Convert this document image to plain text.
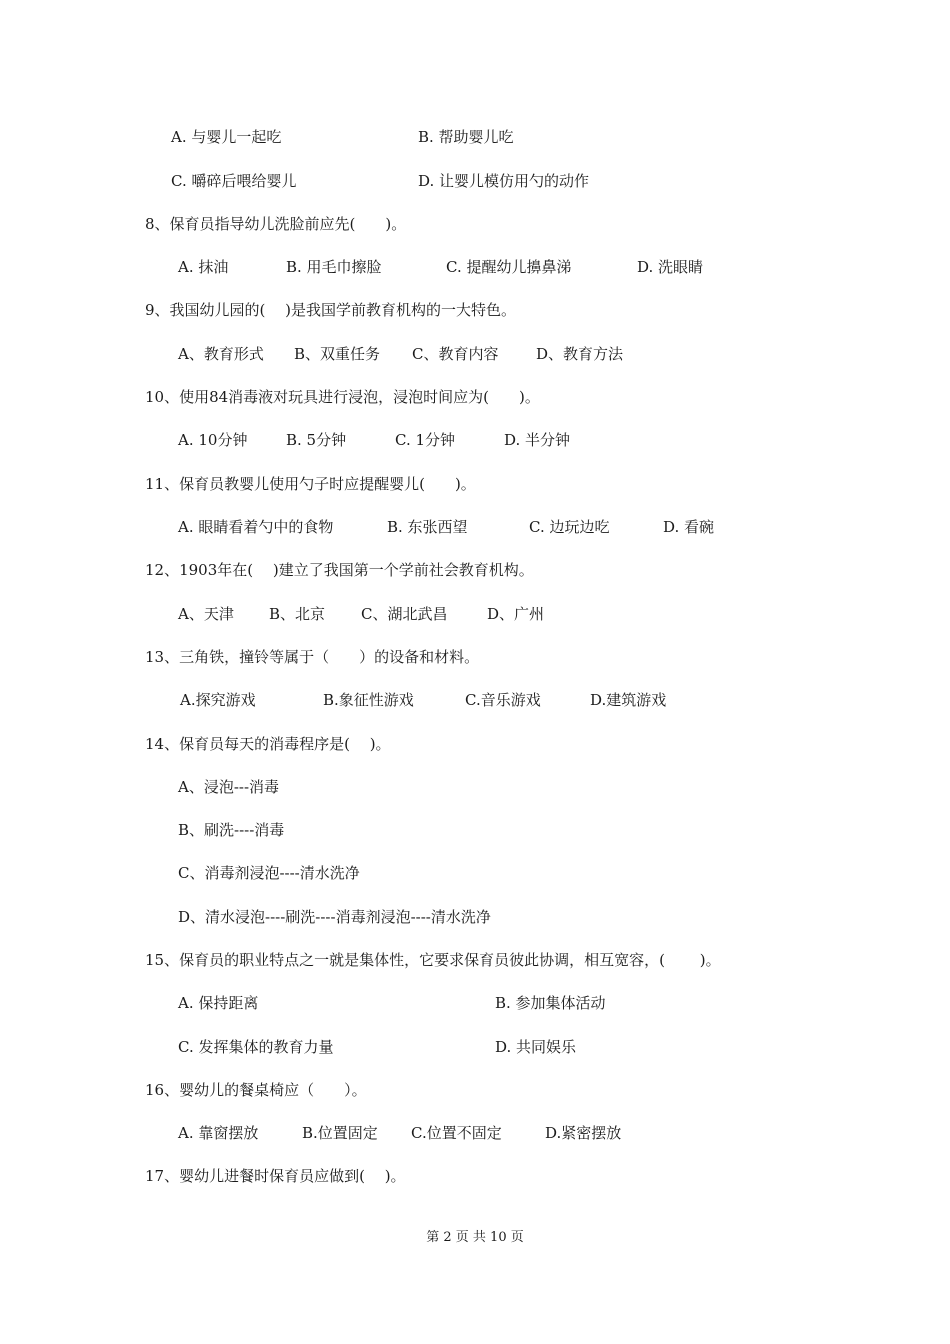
A. 与婴儿一起吃	B. 帮助婴儿吃
C. 嚼碎后喂给婴儿	D. 让婴儿模仿用勺的动作
8、保育员指导幼儿洗脸前应先(　　)。
A. 抹油	B. 用毛巾擦脸	C. 提醒幼儿擤鼻涕	D. 洗眼睛
9、我国幼儿园的(　 )是我国学前教育机构的一大特色。
A、教育形式 B、双重任务 C、教育内容	D、教育方法
10、使用84消毒液对玩具进行浸泡，浸泡时间应为(　　)。
A. 10分钟	B. 5分钟	C. 1分钟	D. 半分钟
11、保育员教婴儿使用勺子时应提醒婴儿(　　)。
A. 眼睛看着勺中的食物	B. 东张西望	C. 边玩边吃	D. 看碗
12、1903年在(　 )建立了我国第一个学前社会教育机构。
A、天津 B、北京 C、湖北武昌	D、广州
13、三角铁，撞铃等属于（　　）的设备和材料。
A.探究游戏	B.象征性游戏	C.音乐游戏	D.建筑游戏
14、保育员每天的消毒程序是(　 )。
A、浸泡---消毒
B、刷洗----消毒
C、消毒剂浸泡----清水洗净
D、清水浸泡----刷洗----消毒剂浸泡----清水洗净
15、保育员的职业特点之一就是集体性，它要求保育员彼此协调，相互宽容，(　　 )。
A. 保持距离	B. 参加集体活动
C. 发挥集体的教育力量	D. 共同娱乐
16、婴幼儿的餐桌椅应（　　）。
A. 靠窗摆放	B.位置固定 C.位置不固定	D.紧密摆放
17、婴幼儿进餐时保育员应做到(　 )。
第 2 页 共 10 页
